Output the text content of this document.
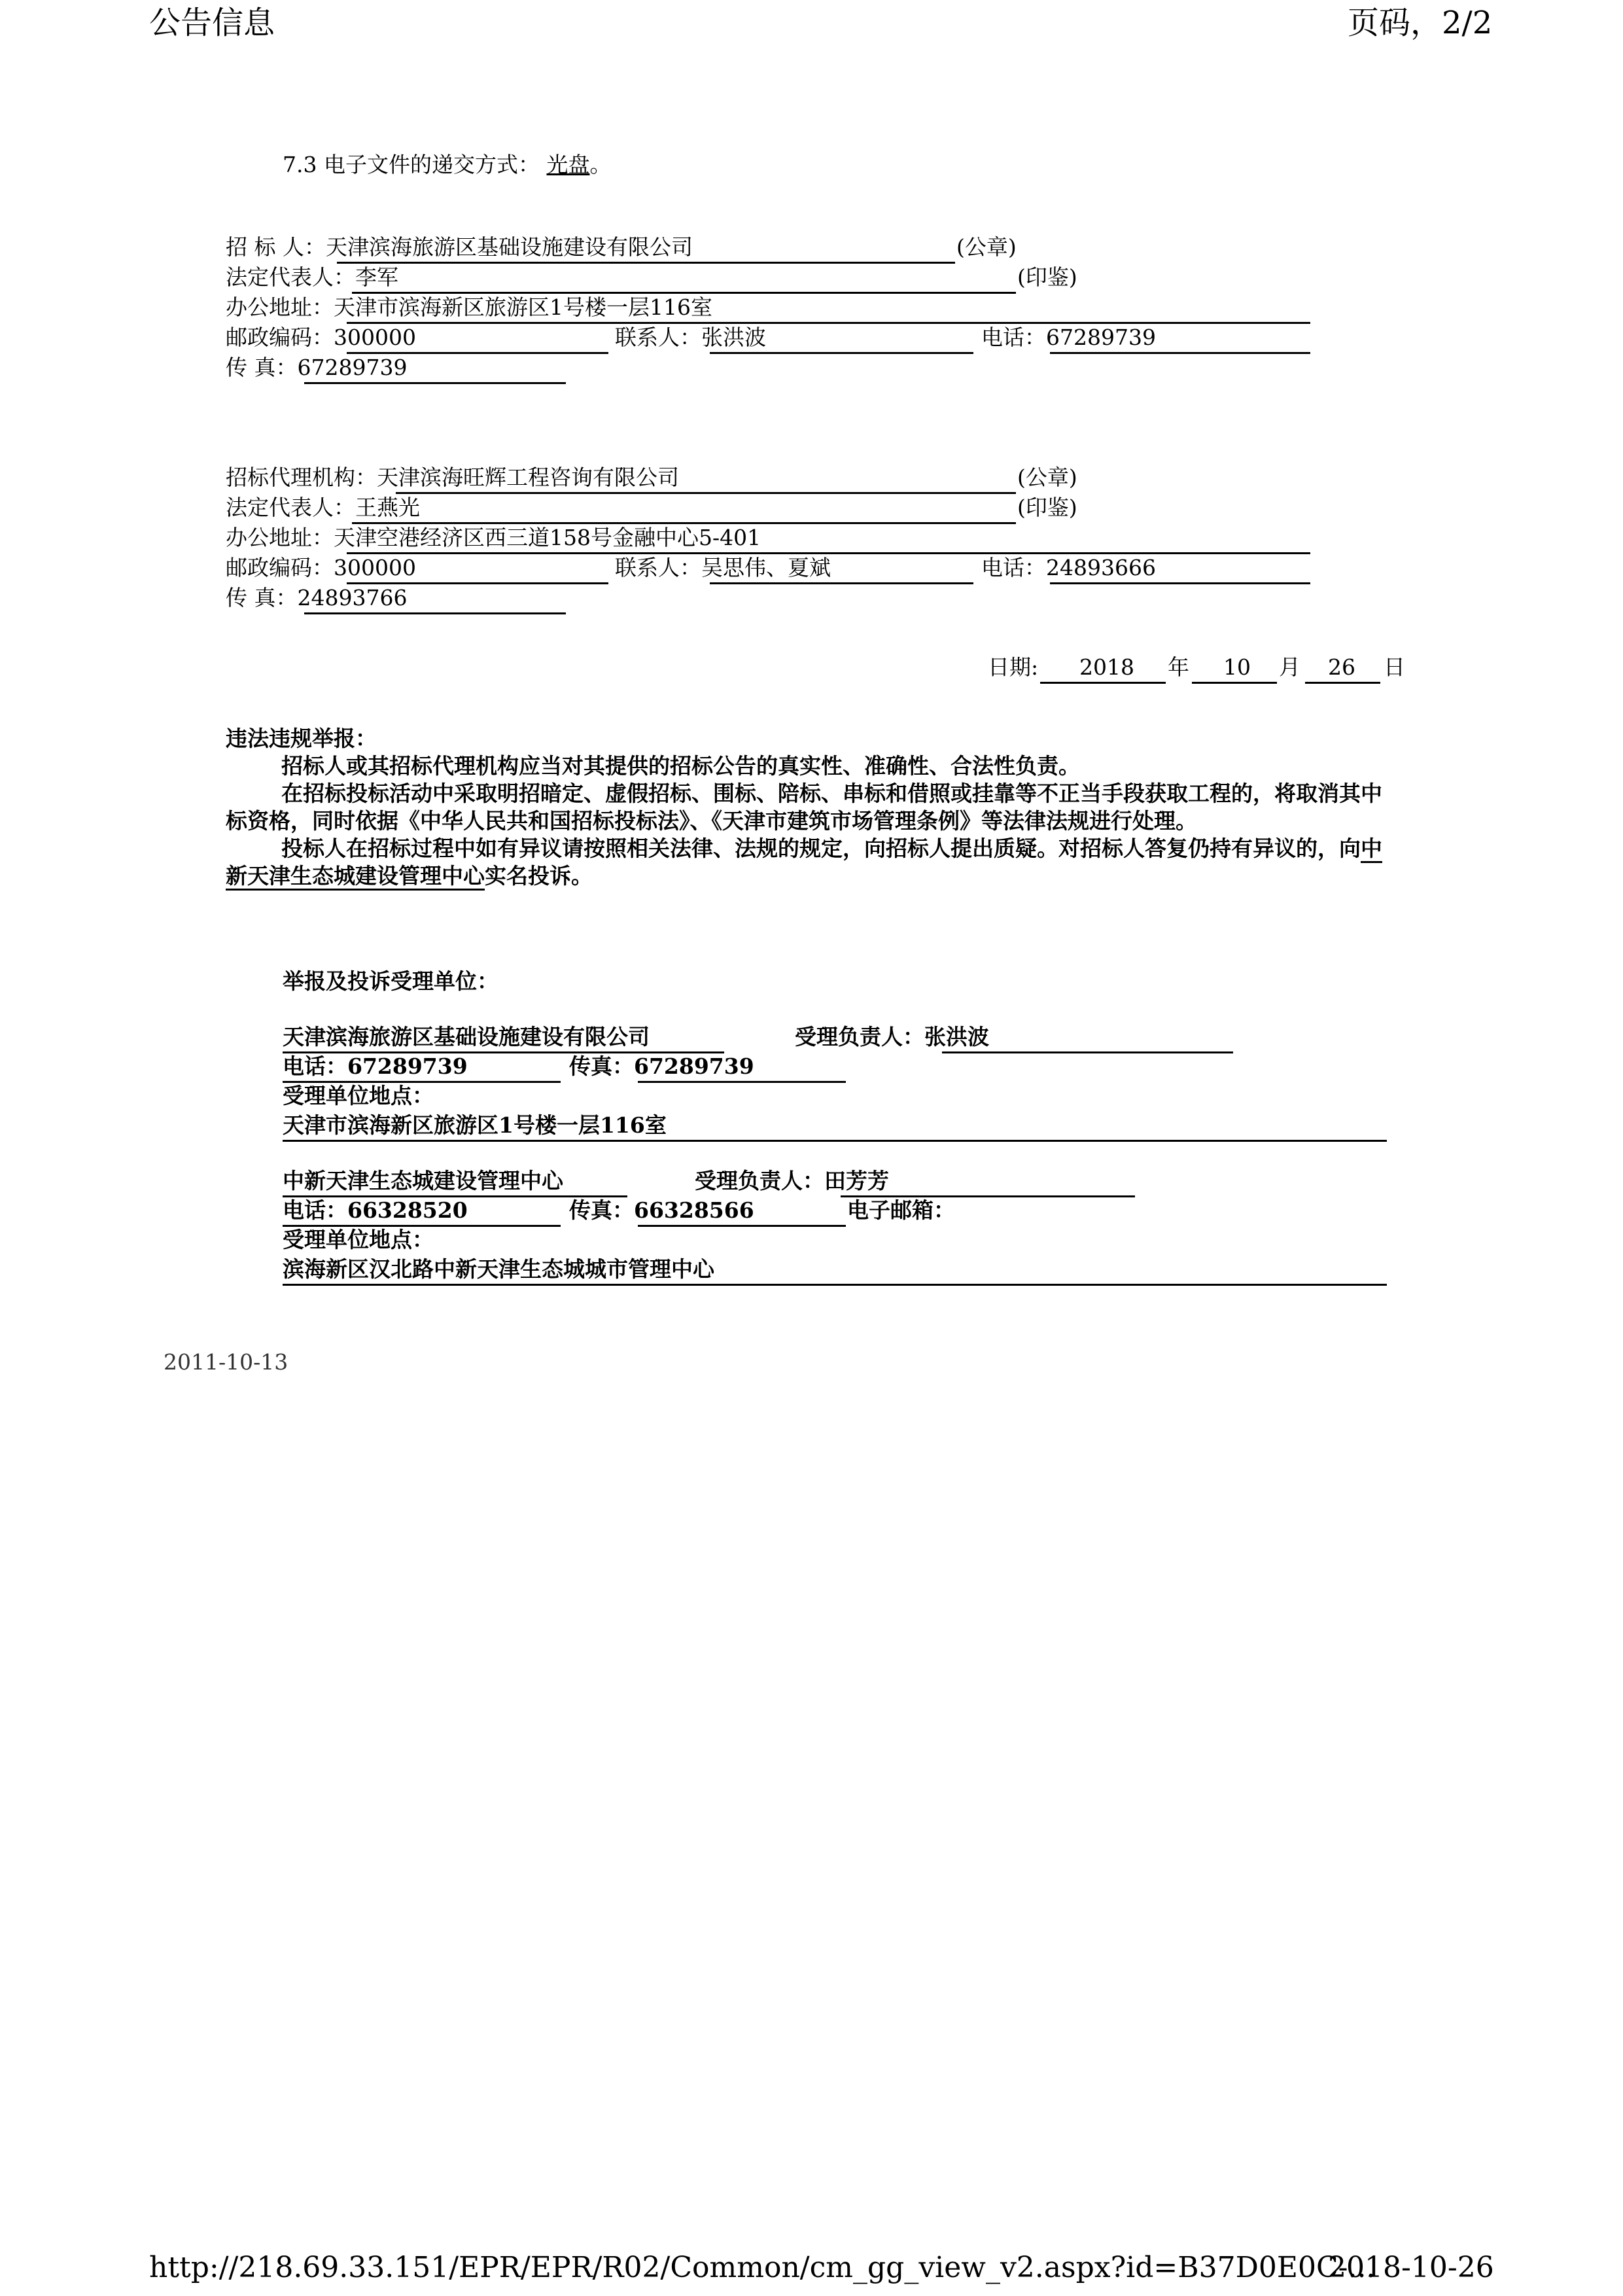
公告信息	页码，2/2
7.3 电子文件的递交方式： 光盘。
招 标 人：天津滨海旅游区基础设施建设有限公司	(公章)
法定代表人：李军	(印鉴)
办公地址：天津市滨海新区旅游区1号楼一层116室
邮政编码：300000	联系人：张洪波	电话：67289739
传 真：67289739
招标代理机构：天津滨海旺辉工程咨询有限公司	(公章)
法定代表人：王燕光	(印鉴)
办公地址：天津空港经济区西三道158号金融中心5-401
邮政编码：300000	联系人：吴思伟、夏斌	电话：24893666
传 真：24893766
日期: 2018 年 10 月 26 日

违法违规举报：

招标人或其招标代理机构应当对其提供的招标公告的真实性、准确性、合法性负责。

在招标投标活动中采取明招暗定、虚假招标、围标、陪标、串标和借照或挂靠等不正当手段获取工程的，将取消其中标资格，同时依据《中华人民共和国招标投标法》、《天津市建筑市场管理条例》等法律法规进行处理。

投标人在招标过程中如有异议请按照相关法律、法规的规定，向招标人提出质疑。对招标人答复仍持有异议的，向中新天津生态城建设管理中心实名投诉。

举报及投诉受理单位：
天津滨海旅游区基础设施建设有限公司	受理负责人：张洪波
电话：67289739	传真：67289739
受理单位地点：
天津市滨海新区旅游区1号楼一层116室
中新天津生态城建设管理中心	受理负责人：田芳芳
电话：66328520	传真：66328566	电子邮箱：
受理单位地点：
滨海新区汉北路中新天津生态城城市管理中心
2011-10-13
http://218.69.33.151/EPR/EPR/R02/Common/cm_gg_view_v2.aspx?id=B37D0E0C-...
2018-10-26
